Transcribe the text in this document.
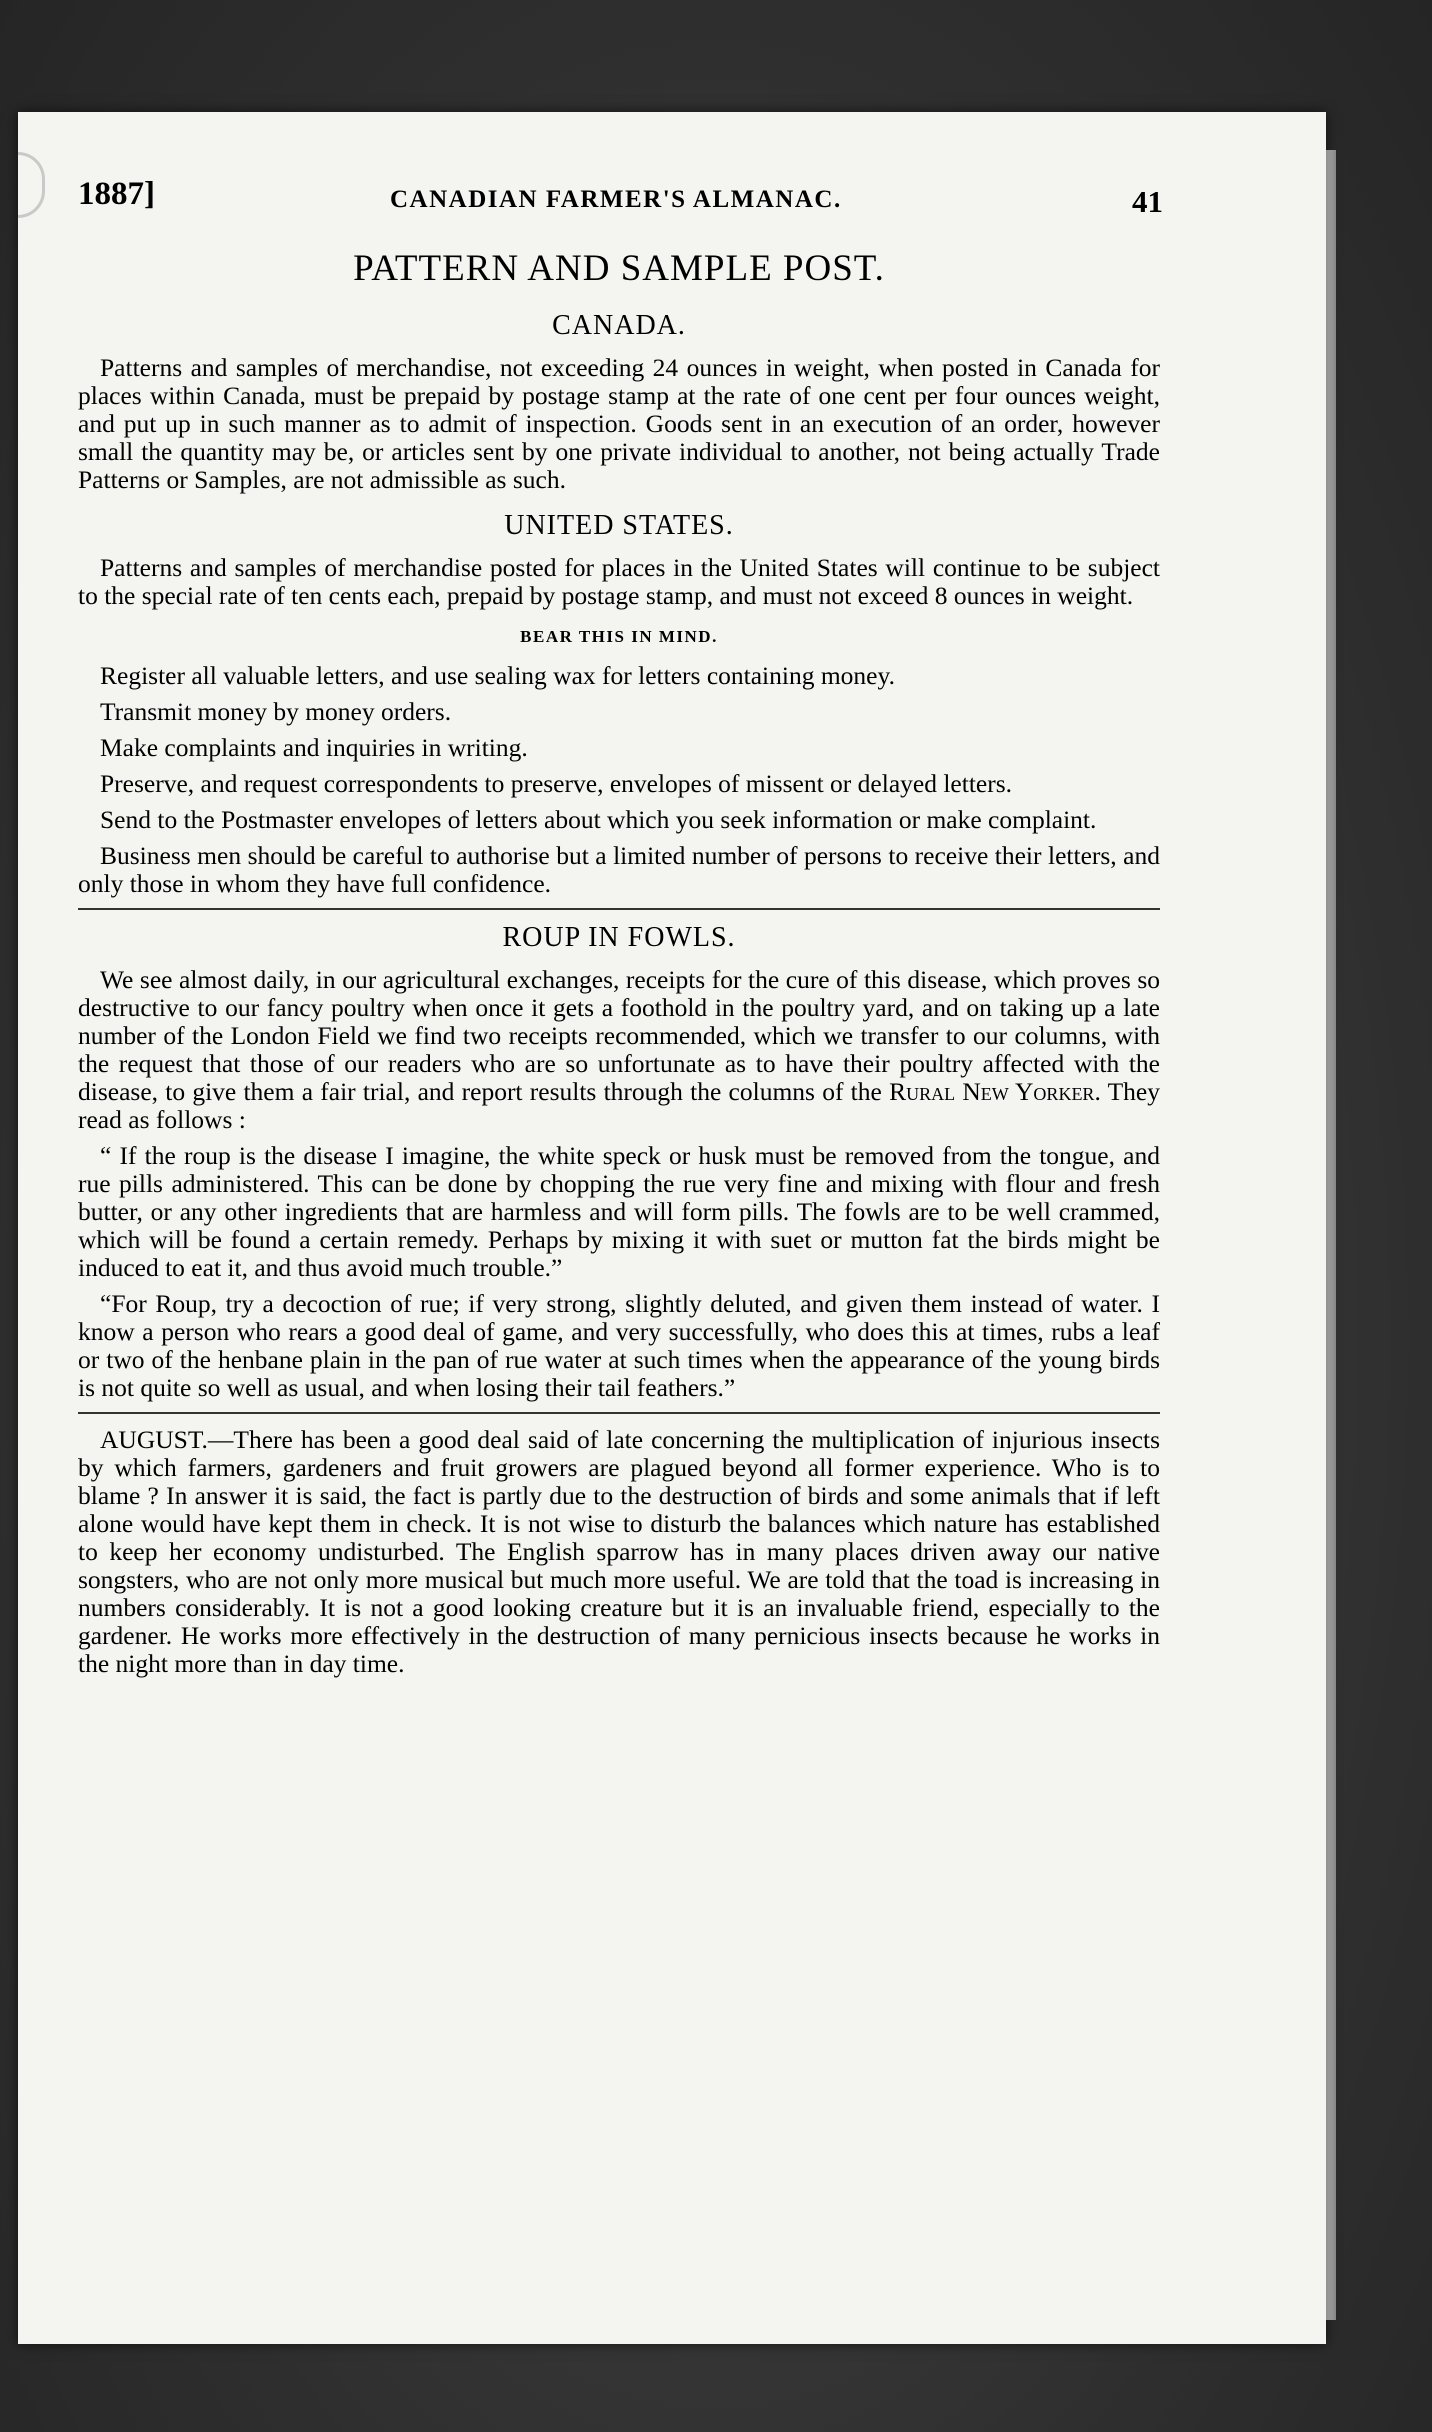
1887]	CANADIAN FARMER'S ALMANAC.	41
PATTERN AND SAMPLE POST.
CANADA.

Patterns and samples of merchandise, not exceeding 24 ounces in weight, when posted in Canada for places within Canada, must be prepaid by postage stamp at the rate of one cent per four ounces weight, and put up in such manner as to admit of inspection. Goods sent in an execution of an order, however small the quantity may be, or articles sent by one private individual to another, not being actually Trade Patterns or Samples, are not admissible as such.

UNITED STATES.

Patterns and samples of merchandise posted for places in the United States will continue to be subject to the special rate of ten cents each, prepaid by postage stamp, and must not exceed 8 ounces in weight.

BEAR THIS IN MIND.

Register all valuable letters, and use sealing wax for letters containing money.

Transmit money by money orders.

Make complaints and inquiries in writing.

Preserve, and request correspondents to preserve, envelopes of missent or delayed letters.

Send to the Postmaster envelopes of letters about which you seek information or make complaint.

Business men should be careful to authorise but a limited number of persons to receive their letters, and only those in whom they have full confidence.

ROUP IN FOWLS.

We see almost daily, in our agricultural exchanges, receipts for the cure of this disease, which proves so destructive to our fancy poultry when once it gets a foothold in the poultry yard, and on taking up a late number of the London Field we find two receipts recommended, which we transfer to our columns, with the request that those of our readers who are so unfortunate as to have their poultry affected with the disease, to give them a fair trial, and report results through the columns of the Rural New Yorker. They read as follows :

“ If the roup is the disease I imagine, the white speck or husk must be removed from the tongue, and rue pills administered. This can be done by chopping the rue very fine and mixing with flour and fresh butter, or any other ingredients that are harmless and will form pills. The fowls are to be well crammed, which will be found a certain remedy. Perhaps by mixing it with suet or mutton fat the birds might be induced to eat it, and thus avoid much trouble.”

“For Roup, try a decoction of rue; if very strong, slightly deluted, and given them instead of water. I know a person who rears a good deal of game, and very successfully, who does this at times, rubs a leaf or two of the henbane plain in the pan of rue water at such times when the appearance of the young birds is not quite so well as usual, and when losing their tail feathers.”

AUGUST.—There has been a good deal said of late concerning the multiplication of injurious insects by which farmers, gardeners and fruit growers are plagued beyond all former experience. Who is to blame ? In answer it is said, the fact is partly due to the destruction of birds and some animals that if left alone would have kept them in check. It is not wise to disturb the balances which nature has established to keep her economy undisturbed. The English sparrow has in many places driven away our native songsters, who are not only more musical but much more useful. We are told that the toad is increasing in numbers considerably. It is not a good looking creature but it is an invaluable friend, especially to the gardener. He works more effectively in the destruction of many pernicious insects because he works in the night more than in day time.
